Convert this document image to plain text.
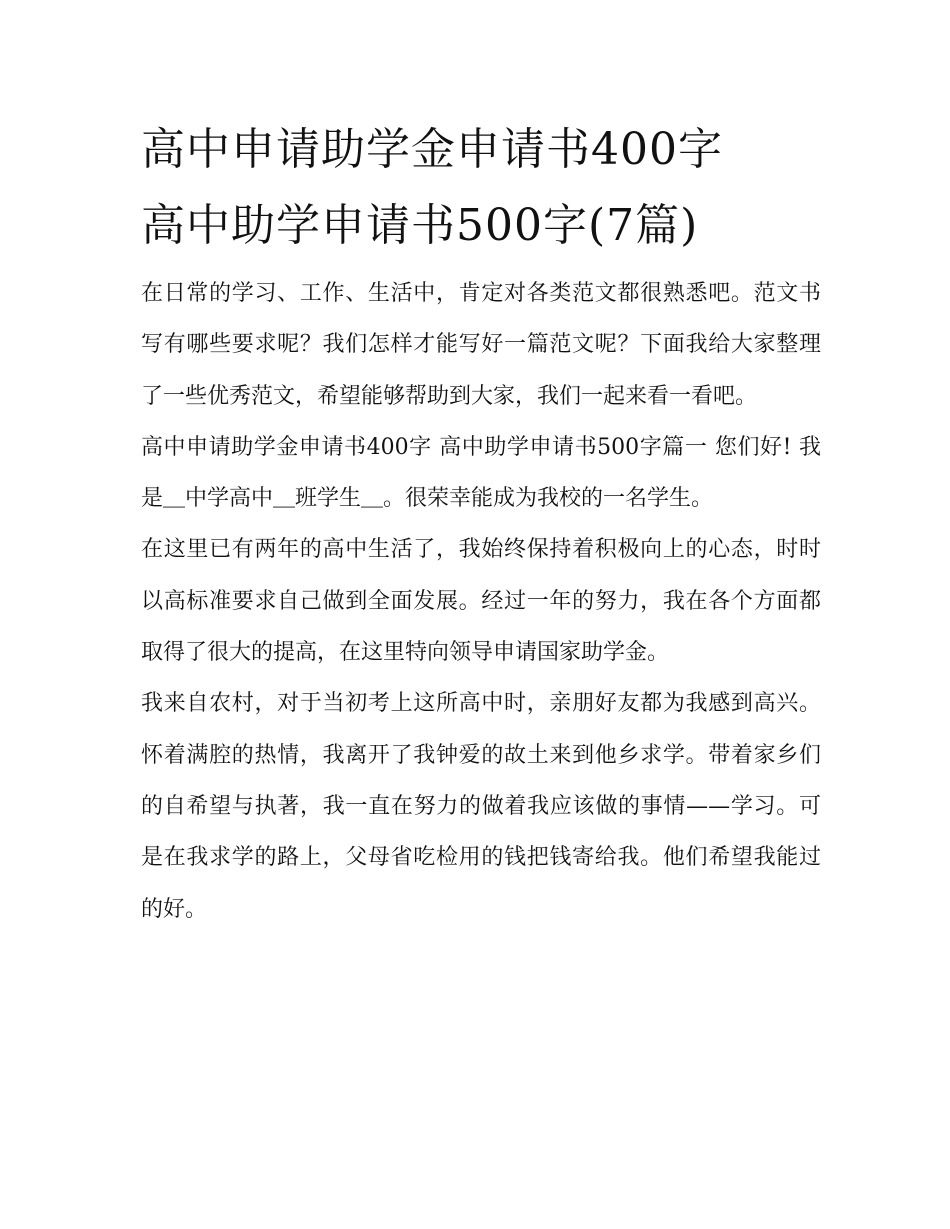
高中申请助学金申请书400字
高中助学申请书500字(7篇)

在日常的学习、工作、生活中，肯定对各类范文都很熟悉吧。范文书写有哪些要求呢？我们怎样才能写好一篇范文呢？下面我给大家整理了一些优秀范文，希望能够帮助到大家，我们一起来看一看吧。

高中申请助学金申请书400字 高中助学申请书500字篇一 您们好! 我是＿中学高中＿班学生＿。很荣幸能成为我校的一名学生。

在这里已有两年的高中生活了，我始终保持着积极向上的心态，时时以高标准要求自己做到全面发展。经过一年的努力，我在各个方面都取得了很大的提高，在这里特向领导申请国家助学金。

我来自农村，对于当初考上这所高中时，亲朋好友都为我感到高兴。怀着满腔的热情，我离开了我钟爱的故土来到他乡求学。带着家乡们的自希望与执著，我一直在努力的做着我应该做的事情——学习。可是在我求学的路上，父母省吃检用的钱把钱寄给我。他们希望我能过的好。
